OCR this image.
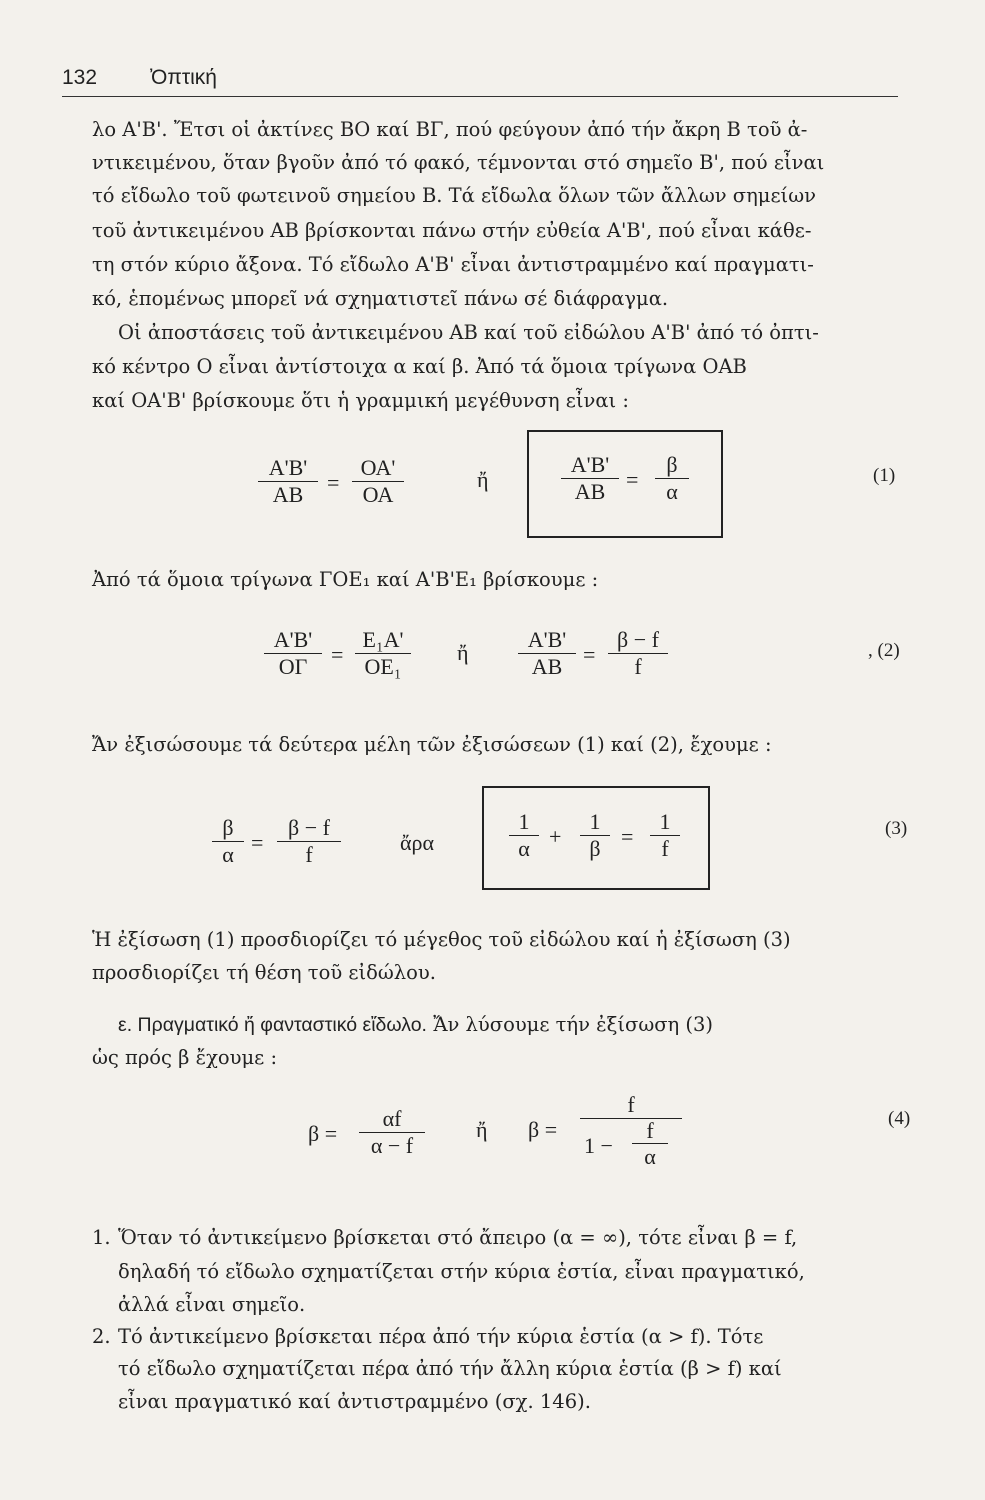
132	Ὀπτική
λο Α'Β'. Ἔτσι οἱ ἀκτίνες ΒΟ καί ΒΓ, πού φεύγουν ἀπό τήν ἄκρη Β τοῦ ἀ-
ντικειμένου, ὅταν βγοῦν ἀπό τό φακό, τέμνονται στό σημεῖο Β', πού εἶναι
τό εἴδωλο τοῦ φωτεινοῦ σημείου Β. Τά εἴδωλα ὅλων τῶν ἄλλων σημείων
τοῦ ἀντικειμένου ΑΒ βρίσκονται πάνω στήν εὐθεία Α'Β', πού εἶναι κάθε-
τη στόν κύριο ἄξονα. Τό εἴδωλο Α'Β' εἶναι ἀντιστραμμένο καί πραγματι-
κό, ἑπομένως μπορεῖ νά σχηματιστεῖ πάνω σέ διάφραγμα.
Οἱ ἀποστάσεις τοῦ ἀντικειμένου ΑΒ καί τοῦ εἰδώλου Α'Β' ἀπό τό ὀπτι-
κό κέντρο Ο εἶναι ἀντίστοιχα α καί β. Ἀπό τά ὅμοια τρίγωνα ΟΑΒ
καί ΟΑ'Β' βρίσκουμε ὅτι ἡ γραμμική μεγέθυνση εἶναι :
$\frac{A'B'}{AB} = \frac{OA'}{OA}$	ἤ	$\frac{A'B'}{AB} = \frac{\beta}{\alpha}$	(1)
Ἀπό τά ὅμοια τρίγωνα ΓΟΕ₁ καί Α'Β'Ε₁ βρίσκουμε :
$\frac{A'B'}{O\Gamma} = \frac{\text{Ε₁Α'}}{\text{ΟΕ₁}}$ ἤ $\frac{A'B'}{AB} = \frac{\beta - f}{f}$	, (2)
Ἄν ἐξισώσουμε τά δεύτερα μέλη τῶν ἐξισώσεων (1) καί (2), ἔχουμε :
$\frac{\beta}{\alpha} = \frac{\beta - f}{f}$	ἄρα	$\frac{1}{\alpha} + \frac{1}{\beta} = \frac{1}{f}$	(3)
Ἡ ἐξίσωση (1) προσδιορίζει τό μέγεθος τοῦ εἰδώλου καί ἡ ἐξίσωση (3)
προσδιορίζει τή θέση τοῦ εἰδώλου.
ε. Πραγματικό ἤ φανταστικό εἴδωλο. Ἄν λύσουμε τήν ἐξίσωση (3)
ὡς πρός β ἔχουμε :
$\beta = \frac{\alpha f}{\alpha - f}$ ἤ β = f
1 −
f
α	(4)
1. Ὅταν τό ἀντικείμενο βρίσκεται στό ἄπειρο (α = ∞), τότε εἶναι β = f,
δηλαδή τό εἴδωλο σχηματίζεται στήν κύρια ἑστία, εἶναι πραγματικό,
ἀλλά εἶναι σημεῖο.
2. Τό ἀντικείμενο βρίσκεται πέρα ἀπό τήν κύρια ἑστία (α > f). Τότε
τό εἴδωλο σχηματίζεται πέρα ἀπό τήν ἄλλη κύρια ἑστία (β > f) καί
εἶναι πραγματικό καί ἀντιστραμμένο (σχ. 146).
